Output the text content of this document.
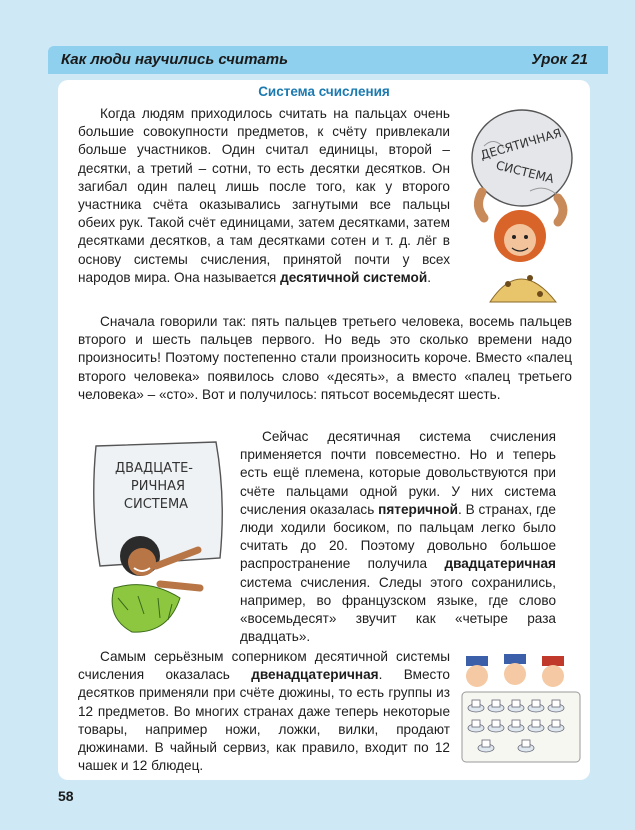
Как люди научились считать	Урок 21
Система счисления

Когда людям приходилось считать на пальцах очень большие совокупности предметов, к счёту привлекали больше участников. Один считал единицы, второй – десятки, а третий – сотни, то есть десятки десятков. Он загибал один палец лишь после того, как у второго участника счёта оказывались загнутыми все пальцы обеих рук. Такой счёт единицами, затем десятками, затем десятками десятков, а там десятками сотен и т. д. лёг в основу системы счисления, принятой почти у всех народов мира. Она называется десятичной системой.

ДЕСЯТИЧНАЯ
СИСТЕМА

Сначала говорили так: пять пальцев третьего человека, восемь пальцев второго и шесть пальцев первого. Но ведь это сколько времени надо произносить! Поэтому постепенно стали произносить короче. Вместо «палец второго человека» появилось слово «десять», а вместо «палец третьего человека» – «сто». Вот и получилось: пятьсот восемьдесят шесть.

ДВАДЦАТЕ-
РИЧНАЯ
СИСТЕМА

Сейчас десятичная система счисления применяется почти повсеместно. Но и теперь есть ещё племена, которые довольствуются при счёте пальцами одной руки. У них система счисления оказалась пятеричной. В странах, где люди ходили босиком, по пальцам легко было считать до 20. Поэтому довольно большое распространение получила двадцатеричная система счисления. Следы этого сохранились, например, во французском языке, где слово «восемьдесят» звучит как «четыре раза двадцать».

Самым серьёзным соперником десятичной системы счисления оказалась двенадцатеричная. Вместо десятков применяли при счёте дюжины, то есть группы из 12 предметов. Во многих странах даже теперь некоторые товары, например ножи, ложки, вилки, продают дюжинами. В чайный сервиз, как правило, входит по 12 чашек и 12 блюдец.

58
